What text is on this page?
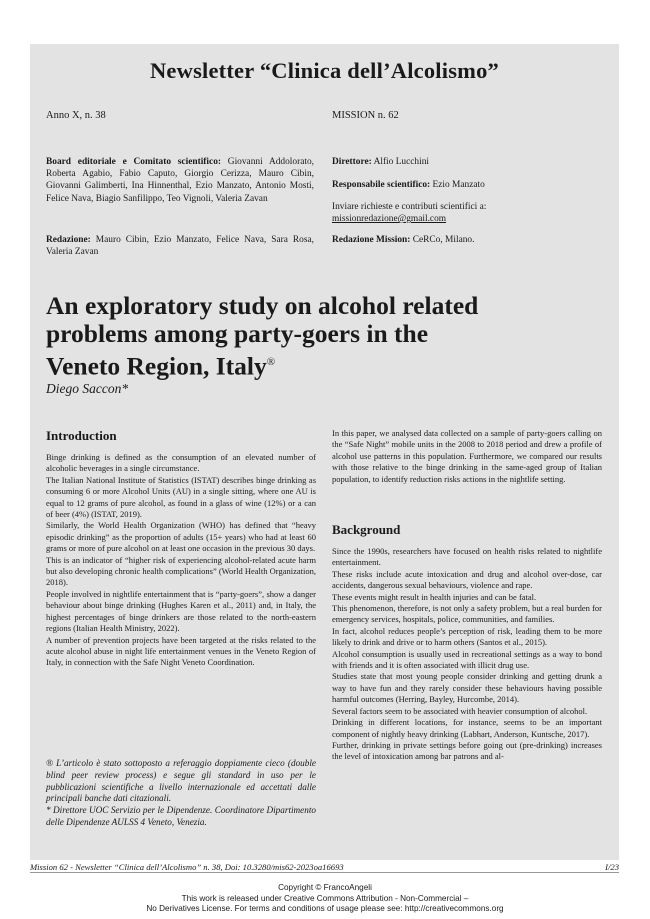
Newsletter “Clinica dell’Alcolismo”
Anno X, n. 38	MISSION n. 62
Board editoriale e Comitato scientifico: Giovanni Addolorato, Roberta Agabio, Fabio Caputo, Giorgio Cerizza, Mauro Cibin, Giovanni Galimberti, Ina Hinnenthal, Ezio Manzato, Antonio Mosti, Felice Nava, Biagio Sanfilippo, Teo Vignoli, Valeria Zavan
Redazione: Mauro Cibin, Ezio Manzato, Felice Nava, Sara Rosa, Valeria Zavan
Direttore: Alfio Lucchini
Responsabile scientifico: Ezio Manzato
Inviare richieste e contributi scientifici a:
missionredazione@gmail.com
Redazione Mission: CeRCo, Milano.
An exploratory study on alcohol related problems among party-goers in the Veneto Region, Italy®
Diego Saccon*
Introduction

Binge drinking is defined as the consumption of an elevated number of alcoholic beverages in a single circumstance.

The Italian National Institute of Statistics (ISTAT) describes binge drinking as consuming 6 or more Alcohol Units (AU) in a single sitting, where one AU is equal to 12 grams of pure alcohol, as found in a glass of wine (12%) or a can of beer (4%) (ISTAT, 2019).

Similarly, the World Health Organization (WHO) has defined that “heavy episodic drinking” as the proportion of adults (15+ years) who had at least 60 grams or more of pure alcohol on at least one occasion in the previous 30 days.

This is an indicator of “higher risk of experiencing alcohol-related acute harm but also developing chronic health complications” (World Health Organization, 2018).

People involved in nightlife entertainment that is “party-goers”, show a danger behaviour about binge drinking (Hughes Karen et al., 2011) and, in Italy, the highest percentages of binge drinkers are those related to the north-eastern regions (Italian Health Ministry, 2022).

A number of prevention projects have been targeted at the risks related to the acute alcohol abuse in night life entertainment venues in the Veneto Region of Italy, in connection with the Safe Night Veneto Coordination.

® L’articolo è stato sottoposto a referaggio doppiamente cieco (double blind peer review process) e segue gli standard in uso per le pubblicazioni scientifiche a livello internazionale ed accettati dalle principali banche dati citazionali.
* Direttore UOC Servizio per le Dipendenze. Coordinatore Dipartimento delle Dipendenze AULSS 4 Veneto, Venezia.
In this paper, we analysed data collected on a sample of party-goers calling on the “Safe Night” mobile units in the 2008 to 2018 period and drew a profile of alcohol use patterns in this population. Furthermore, we compared our results with those relative to the binge drinking in the same-aged group of Italian population, to identify reduction risks actions in the nightlife setting.
Background

Since the 1990s, researchers have focused on health risks related to nightlife entertainment.

These risks include acute intoxication and drug and alcohol over-dose, car accidents, dangerous sexual behaviours, violence and rape.

These events might result in health injuries and can be fatal.

This phenomenon, therefore, is not only a safety problem, but a real burden for emergency services, hospitals, police, communities, and families.

In fact, alcohol reduces people’s perception of risk, leading them to be more likely to drink and drive or to harm others (Santos et al., 2015).

Alcohol consumption is usually used in recreational settings as a way to bond with friends and it is often associated with illicit drug use.

Studies state that most young people consider drinking and getting drunk a way to have fun and they rarely consider these behaviours having possible harmful outcomes (Herring, Bayley, Hurcombe, 2014).

Several factors seem to be associated with heavier consumption of alcohol.

Drinking in different locations, for instance, seems to be an important component of nightly heavy drinking (Labhart, Anderson, Kuntsche, 2017).

Further, drinking in private settings before going out (pre-drinking) increases the level of intoxication among bar patrons and al-

Mission 62 - Newsletter “Clinica dell’Alcolismo” n. 38, Doi: 10.3280/mis62-2023oa16693	I/23
Copyright © FrancoAngeli
This work is released under Creative Commons Attribution - Non-Commercial –
No Derivatives License. For terms and conditions of usage please see: http://creativecommons.org
